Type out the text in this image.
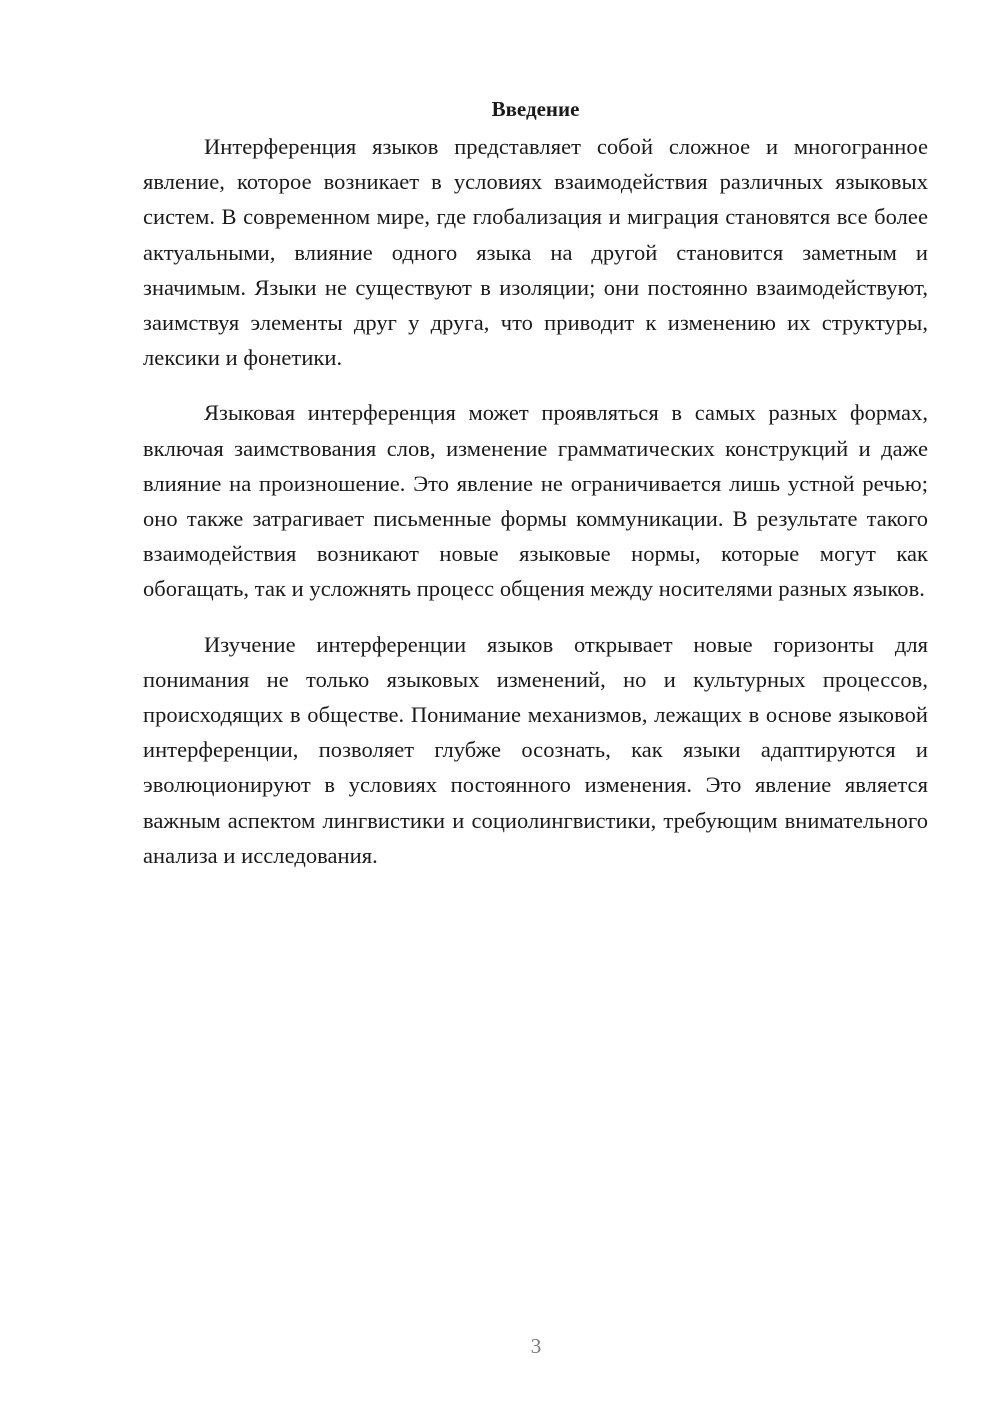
Введение

Интерференция языков представляет собой сложное и многогранное явление, которое возникает в условиях взаимодействия различных языковых систем. В современном мире, где глобализация и миграция становятся все более актуальными, влияние одного языка на другой становится заметным и значимым. Языки не существуют в изоляции; они постоянно взаимодействуют, заимствуя элементы друг у друга, что приводит к изменению их структуры, лексики и фонетики.

Языковая интерференция может проявляться в самых разных формах, включая заимствования слов, изменение грамматических конструкций и даже влияние на произношение. Это явление не ограничивается лишь устной речью; оно также затрагивает письменные формы коммуникации. В результате такого взаимодействия возникают новые языковые нормы, которые могут как обогащать, так и усложнять процесс общения между носителями разных языков.

Изучение интерференции языков открывает новые горизонты для понимания не только языковых изменений, но и культурных процессов, происходящих в обществе. Понимание механизмов, лежащих в основе языковой интерференции, позволяет глубже осознать, как языки адаптируются и эволюционируют в условиях постоянного изменения. Это явление является важным аспектом лингвистики и социолингвистики, требующим внимательного анализа и исследования.

3
